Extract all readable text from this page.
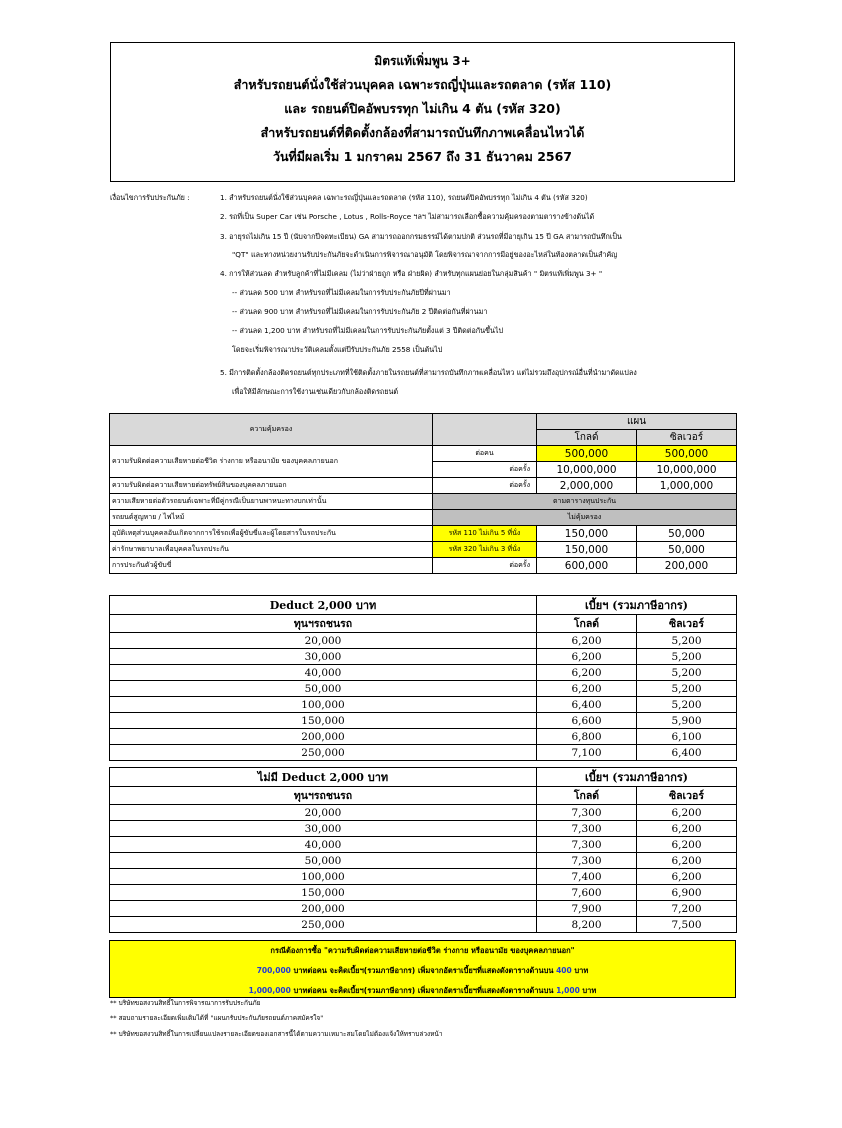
มิตรแท้เพิ่มพูน 3+
สำหรับรถยนต์นั่งใช้ส่วนบุคคล เฉพาะรถญี่ปุ่นและรถตลาด (รหัส 110)
และ รถยนต์ปิคอัพบรรทุก ไม่เกิน 4 ตัน (รหัส 320)
สำหรับรถยนต์ที่ติดตั้งกล้องที่สามารถบันทึกภาพเคลื่อนไหวได้
วันที่มีผลเริ่ม 1 มกราคม 2567 ถึง 31 ธันวาคม 2567
เงื่อนไขการรับประกันภัย :	1. สำหรับรถยนต์นั่งใช้ส่วนบุคคล เฉพาะรถญี่ปุ่นและรถตลาด (รหัส 110), รถยนต์ปิคอัพบรรทุก ไม่เกิน 4 ตัน (รหัส 320)
2. รถที่เป็น Super Car เช่น Porsche , Lotus , Rolls-Royce ฯลฯ ไม่สามารถเลือกซื้อความคุ้มครองตามตารางข้างต้นได้
3. อายุรถไม่เกิน 15 ปี (นับจากปีจดทะเบียน) GA สามารถออกกรมธรรม์ได้ตามปกติ ส่วนรถที่มีอายุเกิน 15 ปี GA สามารถบันทึกเป็น
"QT" และทางหน่วยงานรับประกันภัยจะดำเนินการพิจารณาอนุมัติ โดยพิจารณาจากการมีอยู่ของอะไหล่ในท้องตลาดเป็นสำคัญ
4. การให้ส่วนลด สำหรับลูกค้าที่ไม่มีเคลม (ไม่ว่าฝ่ายถูก หรือ ฝ่ายผิด) สำหรับทุกแผนย่อยในกลุ่มสินค้า " มิตรแท้เพิ่มพูน 3+ "
-- ส่วนลด 500 บาท สำหรับรถที่ไม่มีเคลมในการรับประกันภัยปีที่ผ่านมา
-- ส่วนลด 900 บาท สำหรับรถที่ไม่มีเคลมในการรับประกันภัย 2 ปีติดต่อกันที่ผ่านมา
-- ส่วนลด 1,200 บาท สำหรับรถที่ไม่มีเคลมในการรับประกันภัยตั้งแต่ 3 ปีติดต่อกันขึ้นไป
โดยจะเริ่มพิจารณาประวัติเคลมตั้งแต่ปีรับประกันภัย 2558 เป็นต้นไป
5. มีการติดตั้งกล้องติดรถยนต์ทุกประเภทที่ใช้ติดตั้งภายในรถยนต์ที่สามารถบันทึกภาพเคลื่อนไหว แต่ไม่รวมถึงอุปกรณ์อื่นที่นำมาดัดแปลง
เพื่อให้มีลักษณะการใช้งานเช่นเดียวกับกล้องติดรถยนต์
ความคุ้มครอง		แผน	
		โกลด์	ซิลเวอร์
ความรับผิดต่อความเสียหายต่อชีวิต ร่างกาย หรืออนามัย ของบุคคลภายนอก	ต่อคน	500,000	500,000
	ต่อครั้ง	10,000,000	10,000,000
ความรับผิดต่อความเสียหายต่อทรัพย์สินของบุคคลภายนอก	ต่อครั้ง	2,000,000	1,000,000
ความเสียหายต่อตัวรถยนต์เฉพาะที่มีคู่กรณีเป็นยานพาหนะทางบกเท่านั้น	ตามตารางทุนประกัน		
รถยนต์สูญหาย / ไฟไหม้	ไม่คุ้มครอง		
อุบัติเหตุส่วนบุคคลอันเกิดจากการใช้รถเพื่อผู้ขับขี่และผู้โดยสารในรถประกัน	รหัส 110 ไม่เกิน 5 ที่นั่ง	150,000	50,000
ค่ารักษาพยาบาลเพื่อบุคคลในรถประกัน	รหัส 320 ไม่เกิน 3 ที่นั่ง	150,000	50,000
การประกันตัวผู้ขับขี่	ต่อครั้ง	600,000	200,000
Deduct 2,000 บาท	เบี้ยฯ (รวมภาษีอากร)	
ทุนฯรถชนรถ	โกลด์	ซิลเวอร์
20,000	6,200	5,200
30,000	6,200	5,200
40,000	6,200	5,200
50,000	6,200	5,200
100,000	6,400	5,200
150,000	6,600	5,900
200,000	6,800	6,100
250,000	7,100	6,400
ไม่มี Deduct 2,000 บาท	เบี้ยฯ (รวมภาษีอากร)	
ทุนฯรถชนรถ	โกลด์	ซิลเวอร์
20,000	7,300	6,200
30,000	7,300	6,200
40,000	7,300	6,200
50,000	7,300	6,200
100,000	7,400	6,200
150,000	7,600	6,900
200,000	7,900	7,200
250,000	8,200	7,500
กรณีต้องการซื้อ "ความรับผิดต่อความเสียหายต่อชีวิต ร่างกาย หรืออนามัย ของบุคคลภายนอก"
700,000 บาทต่อคน จะคิดเบี้ยฯ(รวมภาษีอากร) เพิ่มจากอัตราเบี้ยฯที่แสดงดังตารางด้านบน 400 บาท
1,000,000 บาทต่อคน จะคิดเบี้ยฯ(รวมภาษีอากร) เพิ่มจากอัตราเบี้ยฯที่แสดงดังตารางด้านบน 1,000 บาท
** บริษัทขอสงวนสิทธิ์ในการพิจารณาการรับประกันภัย
** สอบถามรายละเอียดเพิ่มเติมได้ที่ "แผนกรับประกันภัยรถยนต์ภาคสมัครใจ"
** บริษัทขอสงวนสิทธิ์ในการเปลี่ยนแปลงรายละเอียดของเอกสารนี้ได้ตามความเหมาะสมโดยไม่ต้องแจ้งให้ทราบล่วงหน้า
